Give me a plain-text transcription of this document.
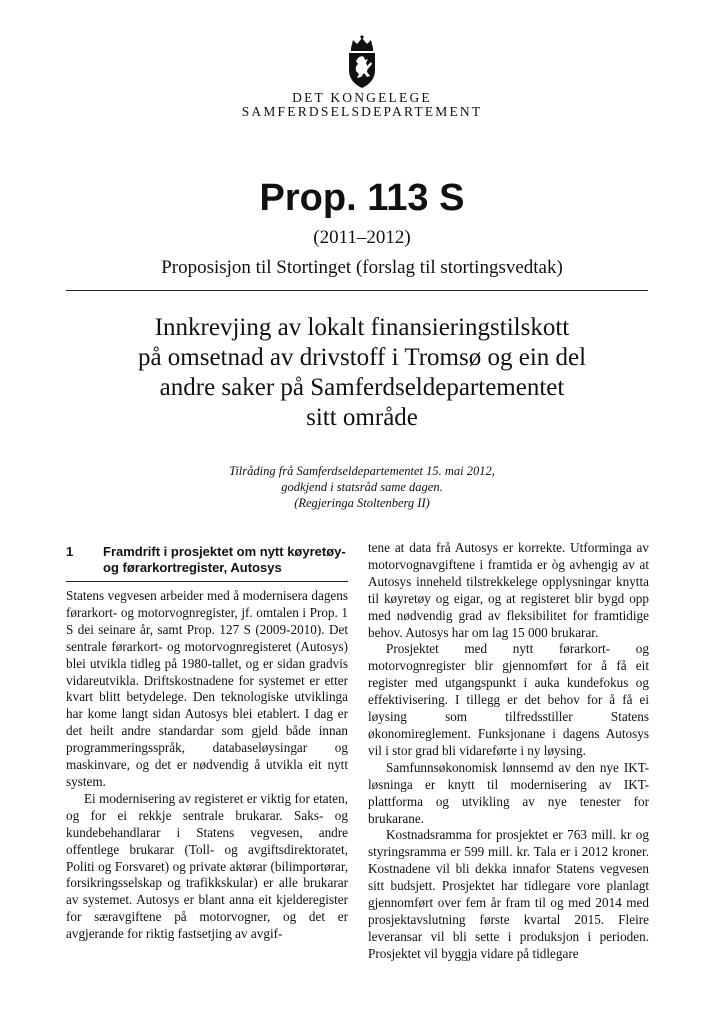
DET KONGELEGE
SAMFERDSELSDEPARTEMENT
Prop. 113 S
(2011–2012)
Proposisjon til Stortinget (forslag til stortingsvedtak)
Innkrevjing av lokalt finansieringstilskott
på omsetnad av drivstoff i Tromsø og ein del
andre saker på Samferdseldepartementet
sitt område
Tilråding frå Samferdseldepartementet 15. mai 2012,
godkjend i statsråd same dagen.
(Regjeringa Stoltenberg II)
1 Framdrift i prosjektet om nytt køyretøy- og førarkortregister, Autosys

Statens vegvesen arbeider med å modernisera dagens førarkort- og motorvognregister, jf. omtalen i Prop. 1 S dei seinare år, samt Prop. 127 S (2009-2010). Det sentrale førarkort- og motorvognregisteret (Autosys) blei utvikla tidleg på 1980-tallet, og er sidan gradvis vidareutvikla. Driftskostnadene for systemet er etter kvart blitt betydelege. Den teknologiske utviklinga har kome langt sidan Autosys blei etablert. I dag er det heilt andre standardar som gjeld både innan programmeringsspråk, databaseløysingar og maskinvare, og det er nødvendig å utvikla eit nytt system.

Ei modernisering av registeret er viktig for etaten, og for ei rekkje sentrale brukarar. Saks- og kundebehandlarar i Statens vegvesen, andre offentlege brukarar (Toll- og avgiftsdirektoratet, Politi og Forsvaret) og private aktørar (bilimportørar, forsikringsselskap og trafikkskular) er alle brukarar av systemet. Autosys er blant anna eit kjelderegister for særavgiftene på motorvogner, og det er avgjerande for riktig fastsetjing av avgif-

tene at data frå Autosys er korrekte. Utforminga av motorvognavgiftene i framtida er òg avhengig av at Autosys inneheld tilstrekkelege opplysningar knytta til køyretøy og eigar, og at registeret blir bygd opp med nødvendig grad av fleksibilitet for framtidige behov. Autosys har om lag 15 000 brukarar.

Prosjektet med nytt førarkort- og motorvognregister blir gjennomført for å få eit register med utgangspunkt i auka kundefokus og effektivisering. I tillegg er det behov for å få ei løysing som tilfredsstiller Statens økonomireglement. Funksjonane i dagens Autosys vil i stor grad bli vidareførte i ny løysing.

Samfunnsøkonomisk lønnsemd av den nye IKT-løsninga er knytt til modernisering av IKT-plattforma og utvikling av nye tenester for brukarane.

Kostnadsramma for prosjektet er 763 mill. kr og styringsramma er 599 mill. kr. Tala er i 2012 kroner. Kostnadene vil bli dekka innafor Statens vegvesen sitt budsjett. Prosjektet har tidlegare vore planlagt gjennomført over fem år fram til og med 2014 med prosjektavslutning første kvartal 2015. Fleire leveransar vil bli sette i produksjon i perioden. Prosjektet vil byggja vidare på tidlegare
